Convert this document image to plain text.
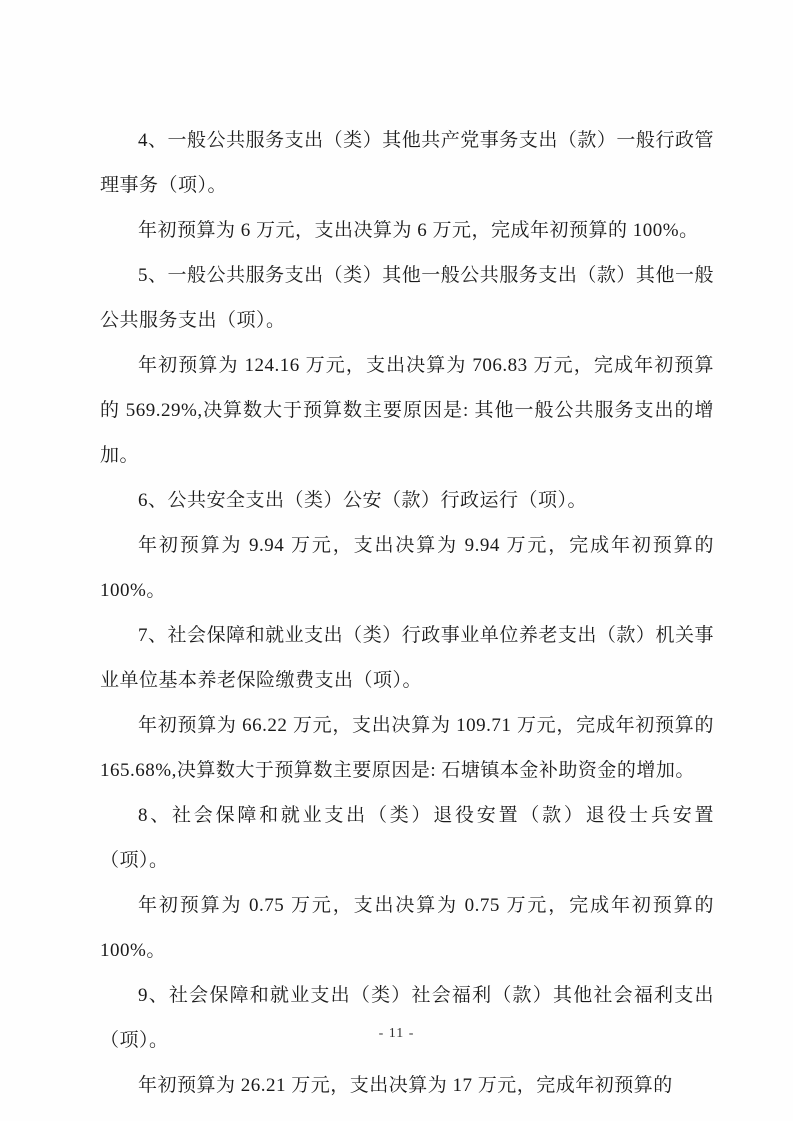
4、一般公共服务支出（类）其他共产党事务支出（款）一般行政管理事务（项）。

年初预算为 6 万元，支出决算为 6 万元，完成年初预算的 100%。

5、一般公共服务支出（类）其他一般公共服务支出（款）其他一般公共服务支出（项）。

年初预算为 124.16 万元，支出决算为 706.83 万元，完成年初预算的 569.29%,决算数大于预算数主要原因是: 其他一般公共服务支出的增加。

6、公共安全支出（类）公安（款）行政运行（项）。

年初预算为 9.94 万元，支出决算为 9.94 万元，完成年初预算的 100%。

7、社会保障和就业支出（类）行政事业单位养老支出（款）机关事业单位基本养老保险缴费支出（项）。

年初预算为 66.22 万元，支出决算为 109.71 万元，完成年初预算的 165.68%,决算数大于预算数主要原因是: 石塘镇本金补助资金的增加。

8、社会保障和就业支出（类）退役安置（款）退役士兵安置（项）。

年初预算为 0.75 万元，支出决算为 0.75 万元，完成年初预算的 100%。

9、社会保障和就业支出（类）社会福利（款）其他社会福利支出（项）。

年初预算为 26.21 万元，支出决算为 17 万元，完成年初预算的

- 11 -
